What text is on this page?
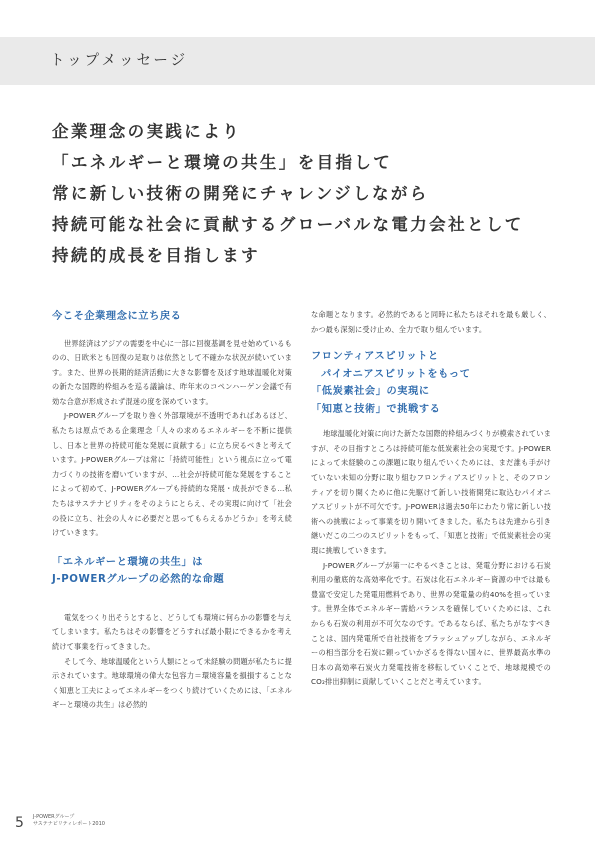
トップメッセージ
企業理念の実践により
「エネルギーと環境の共生」を目指して
常に新しい技術の開発にチャレンジしながら
持続可能な社会に貢献するグローバルな電力会社として
持続的成長を目指します
今こそ企業理念に立ち戻る

世界経済はアジアの需要を中心に一部に回復基調を見せ始めているものの、日欧米とも回復の足取りは依然として不確かな状況が続いています。また、世界の長期的経済活動に大きな影響を及ぼす地球温暖化対策の新たな国際的枠組みを巡る議論は、昨年末のコペンハーゲン会議で有効な合意が形成されず混迷の度を深めています。

J-POWERグループを取り巻く外部環境が不透明であればあるほど、私たちは原点である企業理念「人々の求めるエネルギーを不断に提供し、日本と世界の持続可能な発展に貢献する」に立ち戻るべきと考えています。J-POWERグループは常に「持続可能性」という視点に立って電力づくりの技術を磨いていますが、…社会が持続可能な発展をすることによって初めて、J-POWERグループも持続的な発展・成長ができる…私たちはサステナビリティをそのようにとらえ、その実現に向けて「社会の役に立ち、社会の人々に必要だと思ってもらえるかどうか」を考え続けていきます。

「エネルギーと環境の共生」は
J-POWERグループの必然的な命題

電気をつくり出そうとすると、どうしても環境に何らかの影響を与えてしまいます。私たちはその影響をどうすれば最小限にできるかを考え続けて事業を行ってきました。

そして今、地球温暖化という人類にとって未経験の問題が私たちに提示されています。地球環境の偉大な包容力＝環境容量を損損することなく知恵と工夫によってエネルギーをつくり続けていくためには、「エネルギーと環境の共生」は必然的

な命題となります。必然的であると同時に私たちはそれを最も厳しく、かつ最も深刻に受け止め、全力で取り組んでいます。

フロンティアスピリットと
パイオニアスピリットをもって
「低炭素社会」の実現に
「知恵と技術」で挑戦する

地球温暖化対策に向けた新たな国際的枠組みづくりが模索されていますが、その目指すところは持続可能な低炭素社会の実現です。J-POWERによって未経験のこの課題に取り組んでいくためには、まだ誰も手がけていない未知の分野に取り組むフロンティアスピリットと、そのフロンティアを切り開くために他に先駆けて新しい技術開発に取込むパイオニアスピリットが不可欠です。J-POWERは過去50年にわたり常に新しい技術への挑戦によって事業を切り開いてきました。私たちは先達から引き継いだこの二つのスピリットをもって、「知恵と技術」で低炭素社会の実現に挑戦していきます。

J-POWERグループが第一にやるべきことは、発電分野における石炭利用の徹底的な高効率化です。石炭は化石エネルギー資源の中では最も豊富で安定した発電用燃料であり、世界の発電量の約40%を担っています。世界全体でエネルギー需給バランスを確保していくためには、これからも石炭の利用が不可欠なのです。であるならば、私たちがなすべきことは、国内発電所で自社技術をブラッシュアップしながら、エネルギーの相当部分を石炭に頼っていかざるを得ない国々に、世界最高水準の日本の高効率石炭火力発電技術を移転していくことで、地球規模でのCO₂排出抑制に貢献していくことだと考えています。

5 J-POWERグループ
サステナビリティレポート2010
